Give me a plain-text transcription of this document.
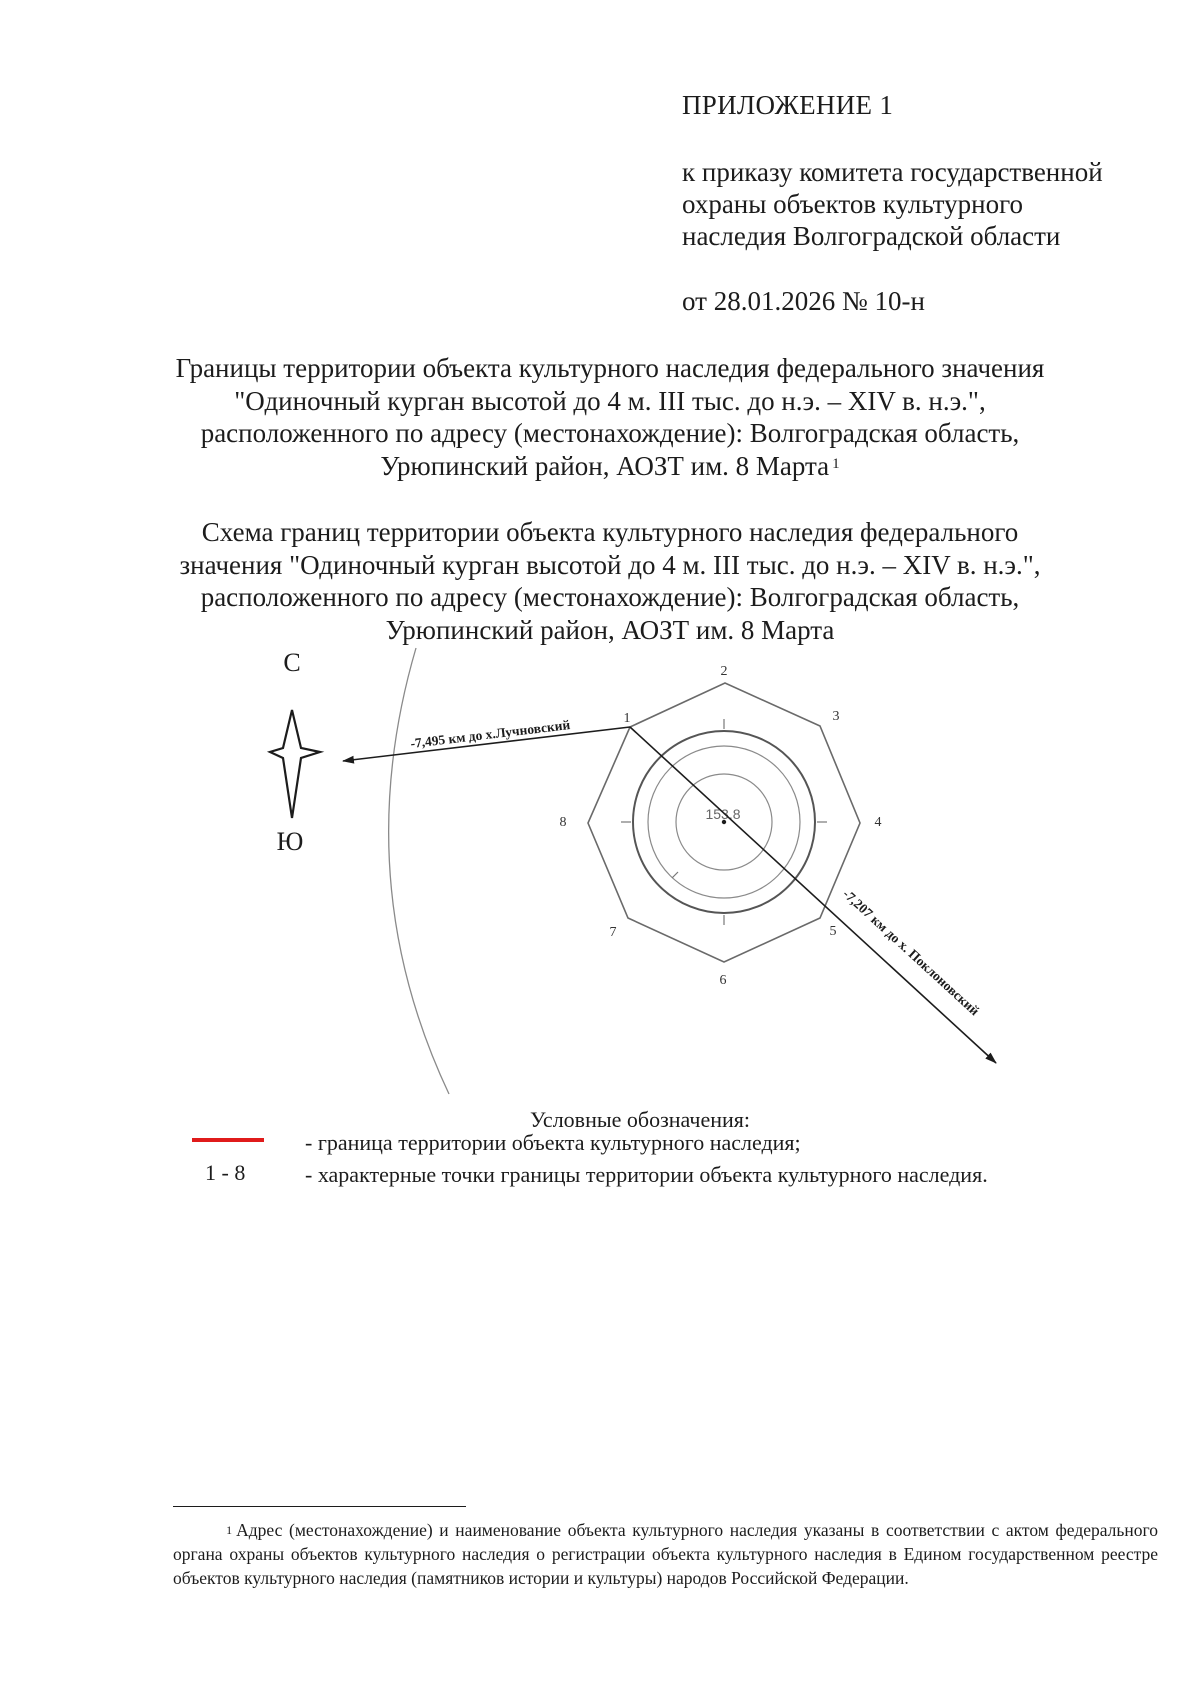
ПРИЛОЖЕНИЕ 1
к приказу комитета государственной
охраны объектов культурного
наследия Волгоградской области
от 28.01.2026 № 10-н
Границы территории объекта культурного наследия федерального значения
"Одиночный курган высотой до 4 м. III тыс. до н.э. – XIV в. н.э.",
расположенного по адресу (местонахождение): Волгоградская область,
Урюпинский район, АОЗТ им. 8 Марта $^1$
Схема границ территории объекта культурного наследия федерального
значения "Одиночный курган высотой до 4 м. III тыс. до н.э. – XIV в. н.э.",
расположенного по адресу (местонахождение): Волгоградская область,
Урюпинский район, АОЗТ им. 8 Марта
С
Ю
153.8
-7,495 км до х.Лучновский
-7,207 км до х. Поклоновский
1
2
3
4
5
6
7
8
Условные обозначения:
- граница территории объекта культурного наследия;
1 - 8	- характерные точки границы территории объекта культурного наследия.
$^1$ Адрес (местонахождение) и наименование объекта культурного наследия указаны в соответствии с актом федерального органа охраны объектов культурного наследия о регистрации объекта культурного наследия в Едином государственном реестре объектов культурного наследия (памятников истории и культуры) народов Российской Федерации.
